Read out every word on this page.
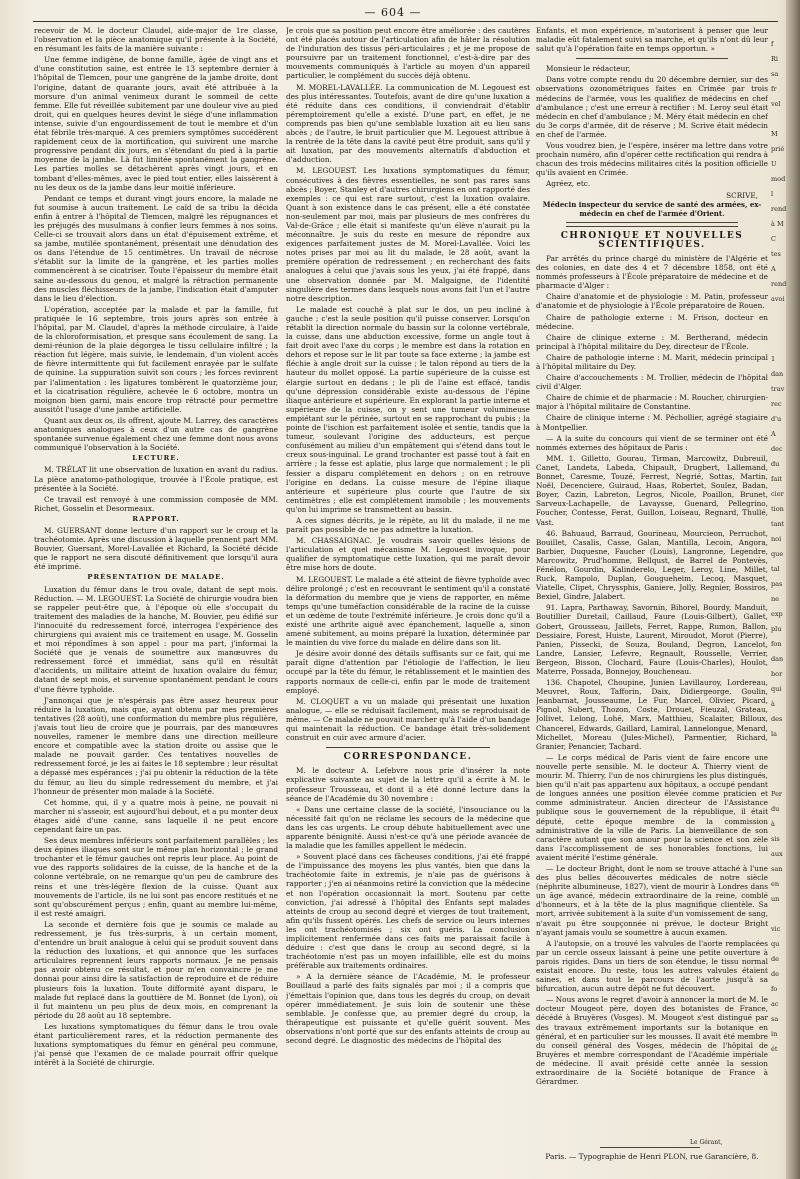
— 604 —

recevoir de M. le docteur Claudel, aide-major de 1re classe, l'observation et la pièce anatomique qu'il présente à la Société, en résumant les faits de la manière suivante :

Une femme indigène, de bonne famille, âgée de vingt ans et d'une constitution saine, est entrée le 13 septembre dernier à l'hôpital de Tlemcen, pour une gangrène de la jambe droite, dont l'origine, datant de quarante jours, avait été attribuée à la morsure d'un animal venimeux durant le sommeil de cette femme. Elle fut réveillée subitement par une douleur vive au pied droit, qui en quelques heures devint le siége d'une inflammation intense, suivie d'un engourdissement de tout le membre et d'un état fébrile très-marqué. A ces premiers symptômes succédèrent rapidement ceux de la mortification, qui suivirent une marche progressive pendant dix jours, en s'étendant du pied à la partie moyenne de la jambe. Là fut limitée spontanément la gangrène. Les parties molles se détachèrent après vingt jours, et en tombant d'elles-mêmes, avec le pied tout entier, elles laissèrent à nu les deux os de la jambe dans leur moitié inférieure.

Pendant ce temps et durant vingt jours encore, la malade ne fut soumise à aucun traitement. Le caïd de sa tribu la décida enfin à entrer à l'hôpital de Tlemcen, malgré les répugnances et les préjugés des musulmans à confier leurs femmes à nos soins. Celle-ci se trouvait alors dans un état d'épuisement extrême, et sa jambe, mutilée spontanément, présentait une dénudation des os dans l'étendue de 15 centimètres. Un travail de nécrose s'établit sur la limite de la gangrène, et les parties molles commencèrent à se cicatriser. Toute l'épaisseur du membre était saine au-dessous du genou, et malgré la rétraction permanente des muscles fléchisseurs de la jambe, l'indication était d'amputer dans le lieu d'élection.

L'opération, acceptée par la malade et par la famille, fut pratiquée le 16 septembre, trois jours après son entrée à l'hôpital, par M. Claudel, d'après la méthode circulaire, à l'aide de la chloroformisation, et presque sans écoulement de sang. La demi-réunion de la plaie dégorgea le tissu cellulaire infiltré ; la réaction fut légère, mais suivie, le lendemain, d'un violent accès de fièvre intermittente qui fut facilement enrayée par le sulfate de quinine. La suppuration suivit son cours ; les forces revinrent par l'alimentation : les ligatures tombèrent le quatorzième jour, et la cicatrisation régulière, achevée le 6 octobre, montra un moignon bien garni, mais encore trop rétracté pour permettre aussitôt l'usage d'une jambe artificielle.

Quant aux deux os, ils offrent, ajoute M. Larrey, des caractères anatomiques analogues à ceux d'un autre cas de gangrène spontanée survenue également chez une femme dont nous avons communiqué l'observation à la Société.

LECTURE.

M. TRÉLAT lit une observation de luxation en avant du radius. La pièce anatomo-pathologique, trouvée à l'École pratique, est présentée à la Société.

Ce travail est renvoyé à une commission composée de MM. Richet, Gosselin et Desormeaux.

RAPPORT.

M. GUERSANT donne lecture d'un rapport sur le croup et la trachéotomie. Après une discussion à laquelle prennent part MM. Bouvier, Guersant, Morel-Lavallée et Richard, la Société décide que le rapport ne sera discuté définitivement que lorsqu'il aura été imprimé.

PRÉSENTATION DE MALADE.

Luxation du fémur dans le trou ovale, datant de sept mois. Réduction. — M. LEGOUEST. La Société de chirurgie voudra bien se rappeler peut-être que, à l'époque où elle s'occupait du traitement des maladies de la hanche, M. Bouvier, peu édifié sur l'innocuité du redressement forcé, interrogea l'expérience des chirurgiens qui avaient mis ce traitement en usage. M. Gosselin et moi répondîmes à son appel : pour ma part, j'informai la Société que je venais de soumettre aux manœuvres du redressement forcé et immédiat, sans qu'il en résultât d'accidents, un militaire atteint de luxation ovalaire du fémur, datant de sept mois, et survenue spontanément pendant le cours d'une fièvre typhoïde.

J'annonçai que je n'espérais pas être assez heureux pour réduire la luxation, mais que, ayant obtenu par mes premières tentatives (28 août), une conformation du membre plus régulière, j'avais tout lieu de croire que je pourrais, par des manœuvres nouvelles, ramener le membre dans une direction meilleure encore et compatible avec la station droite ou assise que le malade ne pouvait garder. Ces tentatives nouvelles de redressement forcé, je les ai faites le 18 septembre ; leur résultat a dépassé mes espérances ; j'ai pu obtenir la réduction de la tête du fémur, au lieu du simple redressement du membre, et j'ai l'honneur de présenter mon malade à la Société.

Cet homme, qui, il y a quatre mois à peine, ne pouvait ni marcher ni s'asseoir, est aujourd'hui debout, et a pu monter deux étages aidé d'une canne, sans laquelle il ne peut encore cependant faire un pas.

Ses deux membres inférieurs sont parfaitement parallèles ; les deux épines iliaques sont sur le même plan horizontal ; le grand trochanter et le fémur gauches ont repris leur place. Au point de vue des rapports solidaires de la cuisse, de la hanche et de la colonne vertébrale, on ne remarque qu'un peu de cambrure des reins et une très-légère flexion de la cuisse. Quant aux mouvements de l'article, ils ne lui sont pas encore restitués et ne sont qu'obscurément perçus ; enfin, quant au membre lui-même, il est resté amaigri.

La seconde et dernière fois que je soumis ce malade au redressement, je fus très-surpris, à un certain moment, d'entendre un bruit analogue à celui qui se produit souvent dans la réduction des luxations, et qui annonce que les surfaces articulaires reprennent leurs rapports normaux. Je ne pensais pas avoir obtenu ce résultat, et pour m'en convaincre je me donnai pour ainsi dire la satisfaction de reproduire et de réduire plusieurs fois la luxation. Toute difformité ayant disparu, le malade fut replacé dans la gouttière de M. Bonnet (de Lyon), où il fut maintenu un peu plus de deux mois, en comprenant la période du 28 août au 18 septembre.

Les luxations symptomatiques du fémur dans le trou ovale étant particulièrement rares, et la réduction permanente des luxations symptomatiques du fémur en général peu commune, j'ai pensé que l'examen de ce malade pourrait offrir quelque intérêt à la Société de chirurgie.

Je crois que sa position peut encore être améliorée : des cautères ont été placés autour de l'articulation afin de hâter la résolution de l'induration des tissus péri-articulaires ; et je me propose de poursuivre par un traitement fonctionnel, c'est-à-dire par des mouvements communiqués à l'article au moyen d'un appareil particulier, le complément du succès déjà obtenu.

M. MOREL-LAVALLÉE. La communication de M. Legouest est des plus intéressantes. Toutefois, avant de dire qu'une luxation a été réduite dans ces conditions, il conviendrait d'établir péremptoirement qu'elle a existé. D'une part, en effet, je ne comprends pas bien qu'une semblable luxation ait eu lieu sans abcès ; de l'autre, le bruit particulier que M. Legouest attribue à la rentrée de la tête dans la cavité peut être produit, sans qu'il y ait luxation, par des mouvements alternatifs d'abduction et d'adduction.

M. LEGOUEST. Les luxations symptomatiques du fémur, consécutives à des fièvres essentielles, ne sont pas rares sans abcès ; Boyer, Stanley et d'autres chirurgiens en ont rapporté des exemples : ce qui est rare surtout, c'est la luxation ovalaire. Quant à son existence dans le cas présent, elle a été constatée non-seulement par moi, mais par plusieurs de mes confrères du Val-de-Grâce ; elle était si manifeste qu'un élève n'aurait pu la méconnaître. Je suis du reste en mesure de répondre aux exigences parfaitement justes de M. Morel-Lavallée. Voici les notes prises par moi au lit du malade, le 28 août, avant la première opération de redressement ; en recherchant des faits analogues à celui que j'avais sous les yeux, j'ai été frappé, dans une observation donnée par M. Malgaigne, de l'identité singulière des termes dans lesquels nous avons fait l'un et l'autre notre description.

Le malade est couché à plat sur le dos, un peu incliné à gauche ; c'est la seule position qu'il puisse conserver. Lorsqu'on rétablit la direction normale du bassin sur la colonne vertébrale, la cuisse, dans une abduction excessive, forme un angle tout à fait droit avec l'axe du corps ; le membre est dans la rotation en dehors et repose sur le lit par toute sa face externe ; la jambe est fléchie à angle droit sur la cuisse ; le talon répond au tiers de la hauteur du mollet opposé. La partie supérieure de la cuisse est élargie surtout en dedans ; le pli de l'aine est effacé, tandis qu'une dépression considérable existe au-dessous de l'épine iliaque antérieure et supérieure. En explorant la partie interne et supérieure de la cuisse, on y sent une tumeur volumineuse empiétant sur le périnée, surtout en se rapprochant du pubis ; la pointe de l'ischion est parfaitement isolée et sentie, tandis que la tumeur, soulevant l'origine des adducteurs, est perçue confusément au milieu d'un empâtement qui s'étend dans tout le creux sous-inguinal. Le grand trochanter est passé tout à fait en arrière ; la fesse est aplatie, plus large que normalement ; le pli fessier a disparu complétement en dehors ; on en retrouve l'origine en dedans. La cuisse mesure de l'épine iliaque antérieure et supérieure plus courte que l'autre de six centimètres ; elle est complétement immobile ; les mouvements qu'on lui imprime se transmettent au bassin.

A ces signes décrits, je le répète, au lit du malade, il ne me paraît pas possible de ne pas admettre la luxation.

M. CHASSAIGNAC. Je voudrais savoir quelles lésions de l'articulation et quel mécanisme M. Legouest invoque, pour qualifier de symptomatique cette luxation, qui me paraît devoir être mise hors de doute.

M. LEGOUEST. Le malade a été atteint de fièvre typhoïde avec délire prolongé ; c'est en recouvrant le sentiment qu'il a constaté la déformation du membre que je viens de rapporter, en même temps qu'une tuméfaction considérable de la racine de la cuisse et un œdème de toute l'extrémité inférieure. Je crois donc qu'il a existé une arthrite aiguë avec épanchement, laquelle a, sinon amené subitement, au moins préparé la luxation, déterminée par le maintien du vive force du malade en délire dans son lit.

Je désire avoir donné des détails suffisants sur ce fait, qui me paraît digne d'attention par l'étiologie de l'affection, le lieu occupé par la tête du fémur, le rétablissement et le maintien des rapports normaux de celle-ci, enfin par le mode de traitement employé.

M. CLOQUET a vu un malade qui présentait une luxation analogue, — elle se réduisait facilement, mais se reproduisait de même. — Ce malade ne pouvait marcher qu'à l'aide d'un bandage qui maintenait la réduction. Ce bandage était très-solidement construit en cuir avec armure d'acier.

CORRESPONDANCE.

M. le docteur A. Lefebvre nous prie d'insérer la note explicative suivante au sujet de la lettre qu'il a écrite à M. le professeur Trousseau, et dont il a été donné lecture dans la séance de l'Académie du 30 novembre :

« Dans une certaine classe de la société, l'insouciance ou la nécessité fait qu'on ne réclame les secours de la médecine que dans les cas urgents. Le croup débute habituellement avec une apparente bénignité. Aussi n'est-ce qu'à une période avancée de la maladie que les familles appellent le médecin.

» Souvent placé dans ces fâcheuses conditions, j'ai été frappé de l'impuissance des moyens les plus vantés, bien que dans la trachéotomie faite in extremis, je n'aie pas de guérisons à rapporter ; j'en ai néanmoins retiré la conviction que la médecine et non l'opération occasionnait la mort. Soutenu par cette conviction, j'ai adressé à l'hôpital des Enfants sept malades atteints de croup au second degré et vierges de tout traitement, afin qu'ils fussent opérés. Les chefs de service ou leurs internes les ont trachéotomisés ; six ont guéris. La conclusion implicitement renfermée dans ces faits me paraissait facile à déduire : c'est que dans le croup au second degré, si la trachéotomie n'est pas un moyen infaillible, elle est du moins préférable aux traitements ordinaires.

» A la dernière séance de l'Académie, M. le professeur Bouillaud a parlé des faits signalés par moi ; il a compris que j'émettais l'opinion que, dans tous les degrés du croup, on devait opérer immédiatement. Je suis loin de soutenir une thèse semblable. Je confesse que, au premier degré du croup, la thérapeutique est puissante et qu'elle guérit souvent. Mes observations n'ont porté que sur des enfants atteints de croup au second degré. Le diagnostic des médecins de l'hôpital des

Enfants, et mon expérience, m'autorisent à penser que leur maladie eût fatalement suivi sa marche, et qu'ils n'ont dû leur salut qu'à l'opération faite en temps opportun. »

Monsieur le rédacteur,

Dans votre compte rendu du 20 décembre dernier, sur des observations ozonométriques faites en Crimée par trois médecins de l'armée, vous les qualifiez de médecins en chef d'ambulance ; c'est une erreur à rectifier : M. Leroy seul était médecin en chef d'ambulance ; M. Méry était médecin en chef du 3e corps d'armée, dit de réserve ; M. Scrive était médecin en chef de l'armée.

Vous voudrez bien, je l'espère, insérer ma lettre dans votre prochain numéro, afin d'opérer cette rectification qui rendra à chacun des trois médecins militaires cités la position officielle qu'ils avaient en Crimée.

Agréez, etc.

SCRIVE,
Médecin inspecteur du service de santé des armées, ex-médecin en chef de l'armée d'Orient.
CHRONIQUE ET NOUVELLES SCIENTIFIQUES.

Par arrêtés du prince chargé du ministère de l'Algérie et des colonies, en date des 4 et 7 décembre 1858, ont été nommés professeurs à l'École préparatoire de médecine et de pharmacie d'Alger :

Chaire d'anatomie et de physiologie : M. Patin, professeur d'anatomie et de physiologie à l'École préparatoire de Rouen.

Chaire de pathologie externe : M. Frison, docteur en médecine.

Chaire de clinique externe : M. Bertherand, médecin principal à l'hôpital militaire du Dey, directeur de l'École.

Chaire de pathologie interne : M. Marit, médecin principal à l'hôpital militaire du Dey.

Chaire d'accouchements : M. Trollier, médecin de l'hôpital civil d'Alger.

Chaire de chimie et de pharmacie : M. Roucher, chirurgien-major à l'hôpital militaire de Constantine.

Chaire de clinique interne : M. Péchollier, agrégé stagiaire à Montpellier.

— A la suite du concours qui vient de se terminer ont été nommés externes des hôpitaux de Paris :

MM. 1. Gilletto, Gourau, Tirman, Marcowitz, Dubreuil, Canet, Landeta, Labeda, Chipault, Drugbert, Lallemand, Bonnet, Caresme, Touzé, Ferrest, Negrié, Sottas, Martin, Noël, Decenciere, Guiraud, Haas, Robertet, Soulez, Badan, Boyer, Cazin, Labreton, Legros, Nicole, Poaillon, Brunet, Sarveux-Lachapelle, de Lavaysse, Guenard, Pellegrino, Foucher, Contesse, Ferat, Guillon, Loiseau, Regnard, Thullé, Vast.

46. Bahuaud, Barraud, Gourineau, Mourcieon, Perruchot, Bouillet, Casalis, Casse, Galan, Mantilla, Lecoin, Angora, Barbier, Duquesne, Faucher (Louis), Langronne, Legendre, Marcowitz, Prud'homme, Bellqust, de Barrel de Pontevès, Fénélon, Gourdin, Kalinderelo, Leger, Leroy, Line, Millet, Ruck, Rampolo, Duplan, Gougueheim, Lecoq, Masquet, Viatelle, Clipet, Chryssphis, Ganiere, Jolly, Regnier, Bossiros, Bexiel, Gindre, Jalabert.

91. Lapra, Parthaway, Savornin, Bihorel, Bourdy, Manduit, Boutillier Duretail, Caillaud, Faure (Louis-Gilbert), Gallet, Gobert, Grousseau, Jaillets, Ferret, Rappe, Rumon, Ballon, Dessiaire, Forest, Huiste, Laurent, Miroudot, Morot (Pierre), Panien, Pissecki, de Souza, Bouland, Degron, Lancelot, Landre, Lansier, Lefevre, Regnault, Rousselle, Verrier, Bergeon, Bisson, Clochard, Faure (Louis-Charles), Houlot, Materre, Possada, Bonnejoy, Boucheneau.

136. Chapotel, Choupine, Junien Lavillauroy, Lordereau, Meuvret, Roux, Tafforin, Daix, Didiergeorge, Goulin, Jeanbarnat, Jousseaume, Le Fur, Marcel, Olivier, Picard, Pignol, Subert, Thozon, Coste, Drouet, Fieuzal, Grateau, Jollivet, Lelong, Lohé, Marx, Matthieu, Scalaiter, Billoux, Chancerel, Edwards, Gaillard, Lamiral, Lannelongue, Menard, Michellet, Moreau (Jules-Michel), Parmentier, Richard, Granier, Penancier, Tachard.

— Le corps médical de Paris vient de faire encore une nouvelle perte sensible. M. le docteur A. Thierry vient de mourir. M. Thierry, l'un de nos chirurgiens les plus distingués, bien qu'il n'ait pas appartenu aux hôpitaux, a occupé pendant de longues années une position élevée comme praticien et comme administrateur. Ancien directeur de l'Assistance publique sous le gouvernement de la république, il était député, cette époque membre de la commission administrative de la ville de Paris. La bienveillance de son caractère autant que son amour pour la science et son zèle dans l'accomplissement de ses honorables fonctions, lui avaient mérité l'estime générale.

— Le docteur Bright, dont le nom se trouve attaché à l'une des plus belles découvertes médicales de notre siècle (néphrite albumineuse, 1827), vient de mourir à Londres dans un âge avancé, médecin extraordinaire de la reine, comblé d'honneurs, et à la tête de la plus magnifique clientèle. Sa mort, arrivée subitement à la suite d'un vomissement de sang, n'avait pu être soupçonnée ni prévue, le docteur Bright n'ayant jamais voulu se soumettre à aucun examen.

A l'autopsie, on a trouvé les valvules de l'aorte remplacées par un cercle osseux laissant à peine une petite ouverture à parois rigides. Dans un tiers de son étendue, le tissu normal existait encore. Du reste, tous les autres valvules étaient saines, et dans tout le parcours de l'aorte jusqu'à sa bifurcation, aucun autre dépôt ne fut découvert.

— Nous avons le regret d'avoir à annoncer la mort de M. le docteur Mougeot père, doyen des botanistes de France, décédé à Bruyères (Vosges). M. Mougeot s'est distingué par des travaux extrêmement importants sur la botanique en général, et en particulier sur les mousses. Il avait été membre du conseil général des Vosges, médecin de l'hôpital de Bruyères et membre correspondant de l'Académie impériale de médecine. Il avait présidé cette année la session extraordinaire de la Société botanique de France à Gérardmer.

Le Gérant,
Paris. — Typographie de Henri PLON, rue Garancière, 8.
f
Ri
sa
fr
vel

M
prié
U
mod
l
rend
à M
C
tes
A
rend
avoi

1
dan
trav
rec
d'u
A
dec
du
fait
cier
tion
tant
noi
que
tal
pas
ne
exp
plu
fon
dan
bor
qui
à
des
la

Per
du
à
sis
aux
san
en
un

vic
qu
de
de
fo
ac
sa
in
ét
